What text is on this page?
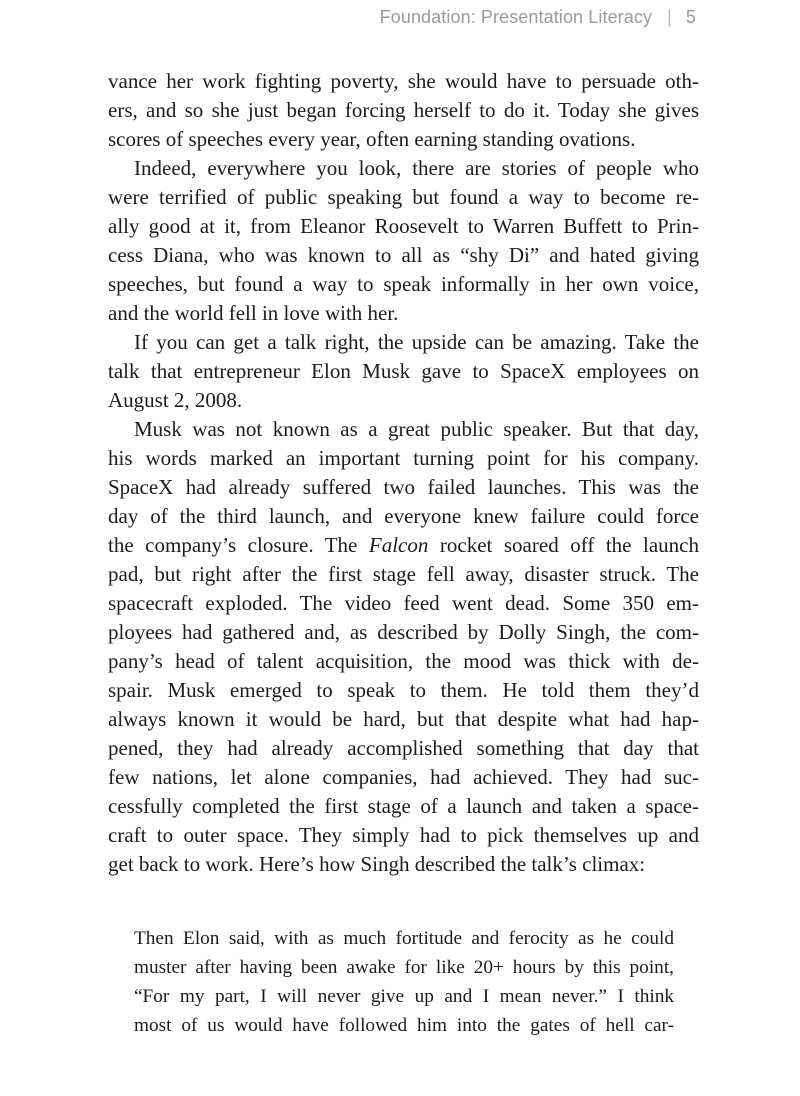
Foundation: Presentation Literacy | 5
vance her work fighting poverty, she would have to persuade oth-
ers, and so she just began forcing herself to do it. Today she gives
scores of speeches every year, often earning standing ovations.
Indeed, everywhere you look, there are stories of people who
were terrified of public speaking but found a way to become re-
ally good at it, from Eleanor Roosevelt to Warren Buffett to Prin-
cess Diana, who was known to all as “shy Di” and hated giving
speeches, but found a way to speak informally in her own voice,
and the world fell in love with her.
If you can get a talk right, the upside can be amazing. Take the
talk that entrepreneur Elon Musk gave to SpaceX employees on
August 2, 2008.
Musk was not known as a great public speaker. But that day,
his words marked an important turning point for his company.
SpaceX had already suffered two failed launches. This was the
day of the third launch, and everyone knew failure could force
the company’s closure. The Falcon rocket soared off the launch
pad, but right after the first stage fell away, disaster struck. The
spacecraft exploded. The video feed went dead. Some 350 em-
ployees had gathered and, as described by Dolly Singh, the com-
pany’s head of talent acquisition, the mood was thick with de-
spair. Musk emerged to speak to them. He told them they’d
always known it would be hard, but that despite what had hap-
pened, they had already accomplished something that day that
few nations, let alone companies, had achieved. They had suc-
cessfully completed the first stage of a launch and taken a space-
craft to outer space. They simply had to pick themselves up and
get back to work. Here’s how Singh described the talk’s climax:
Then Elon said, with as much fortitude and ferocity as he could
muster after having been awake for like 20+ hours by this point,
“For my part, I will never give up and I mean never.” I think
most of us would have followed him into the gates of hell car-
